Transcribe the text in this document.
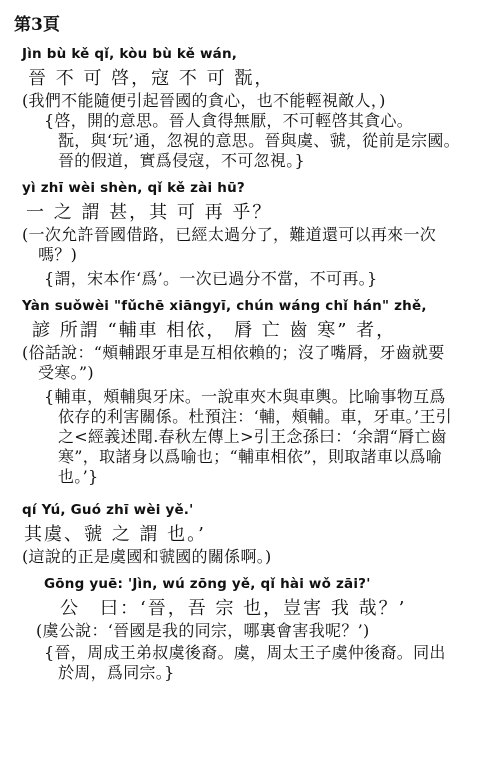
第3頁
Jìn bù kě qǐ, kòu bù kě wán,
晉 不 可 啓，寇 不 可 翫，
(我們不能隨便引起晉國的貪心，也不能輕視敵人，)
{啓，開的意思。晉人貪得無厭，不可輕啓其貪心。
翫，與‘玩’通，忽視的意思。晉與虞、虢，從前是宗國。
晉的假道，實爲侵寇，不可忽視。}
yì zhī wèi shèn, qǐ kě zài hū?
一 之 謂 甚，其 可 再 乎？
(一次允許晉國借路，已經太過分了，難道還可以再來一次
嗎？)
{謂，宋本作‘爲’。一次已過分不當，不可再。}
Yàn suǒwèi "fǔchē xiāngyī, chún wáng chǐ hán" zhě,
諺 所謂 “輔車 相依， 脣 亡 齒 寒” 者，
(俗話說：“頰輔跟牙車是互相依賴的；沒了嘴脣，牙齒就要
受寒。”)
{輔車，頰輔與牙床。一說車夾木與車輿。比喻事物互爲
依存的利害關係。杜預注：‘輔，頰輔。車，牙車。’王引
之<經義述聞.春秋左傳上>引王念孫曰：‘余謂“脣亡齒
寒”，取諸身以爲喻也；“輔車相依”，則取諸車以爲喻
也。’}
qí Yú, Guó zhī wèi yě.'
其虞、虢 之 謂 也。’
(這說的正是虞國和虢國的關係啊。)
Gōng yuē: 'Jìn, wú zōng yě, qǐ hài wǒ zāi?'
公　曰：‘晉，吾 宗 也，豈害 我 哉？’
(虞公說：‘晉國是我的同宗，哪裏會害我呢？’)
{晉，周成王弟叔虞後裔。虞，周太王子虞仲後裔。同出
於周，爲同宗。}
